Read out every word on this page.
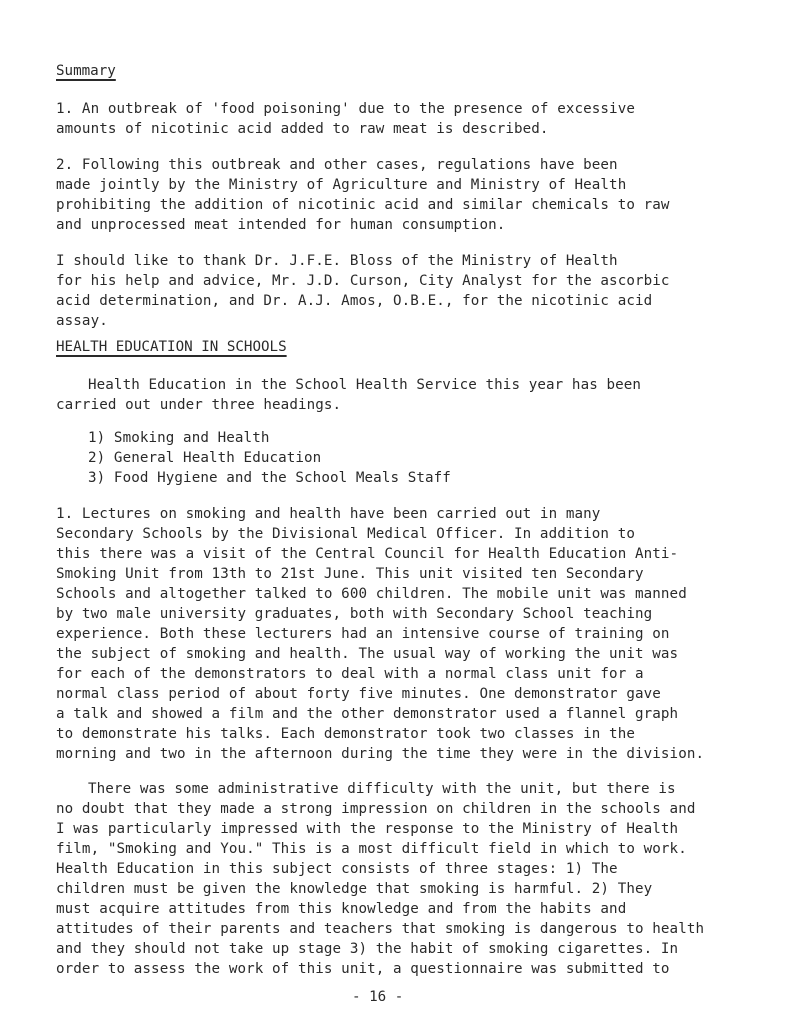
Summary
1. An outbreak of 'food poisoning' due to the presence of excessive
amounts of nicotinic acid added to raw meat is described.
2. Following this outbreak and other cases, regulations have been
made jointly by the Ministry of Agriculture and Ministry of Health
prohibiting the addition of nicotinic acid and similar chemicals to raw
and unprocessed meat intended for human consumption.
I should like to thank Dr. J.F.E. Bloss of the Ministry of Health
for his help and advice, Mr. J.D. Curson, City Analyst for the ascorbic
acid determination, and Dr. A.J. Amos, O.B.E., for the nicotinic acid
assay.
HEALTH EDUCATION IN SCHOOLS
Health Education in the School Health Service this year has been
carried out under three headings.
1) Smoking and Health
2) General Health Education
3) Food Hygiene and the School Meals Staff
1. Lectures on smoking and health have been carried out in many
Secondary Schools by the Divisional Medical Officer. In addition to
this there was a visit of the Central Council for Health Education Anti-
Smoking Unit from 13th to 21st June. This unit visited ten Secondary
Schools and altogether talked to 600 children. The mobile unit was manned
by two male university graduates, both with Secondary School teaching
experience. Both these lecturers had an intensive course of training on
the subject of smoking and health. The usual way of working the unit was
for each of the demonstrators to deal with a normal class unit for a
normal class period of about forty five minutes. One demonstrator gave
a talk and showed a film and the other demonstrator used a flannel graph
to demonstrate his talks. Each demonstrator took two classes in the
morning and two in the afternoon during the time they were in the division.
There was some administrative difficulty with the unit, but there is
no doubt that they made a strong impression on children in the schools and
I was particularly impressed with the response to the Ministry of Health
film, "Smoking and You." This is a most difficult field in which to work.
Health Education in this subject consists of three stages: 1) The
children must be given the knowledge that smoking is harmful. 2) They
must acquire attitudes from this knowledge and from the habits and
attitudes of their parents and teachers that smoking is dangerous to health
and they should not take up stage 3) the habit of smoking cigarettes. In
order to assess the work of this unit, a questionnaire was submitted to
- 16 -
